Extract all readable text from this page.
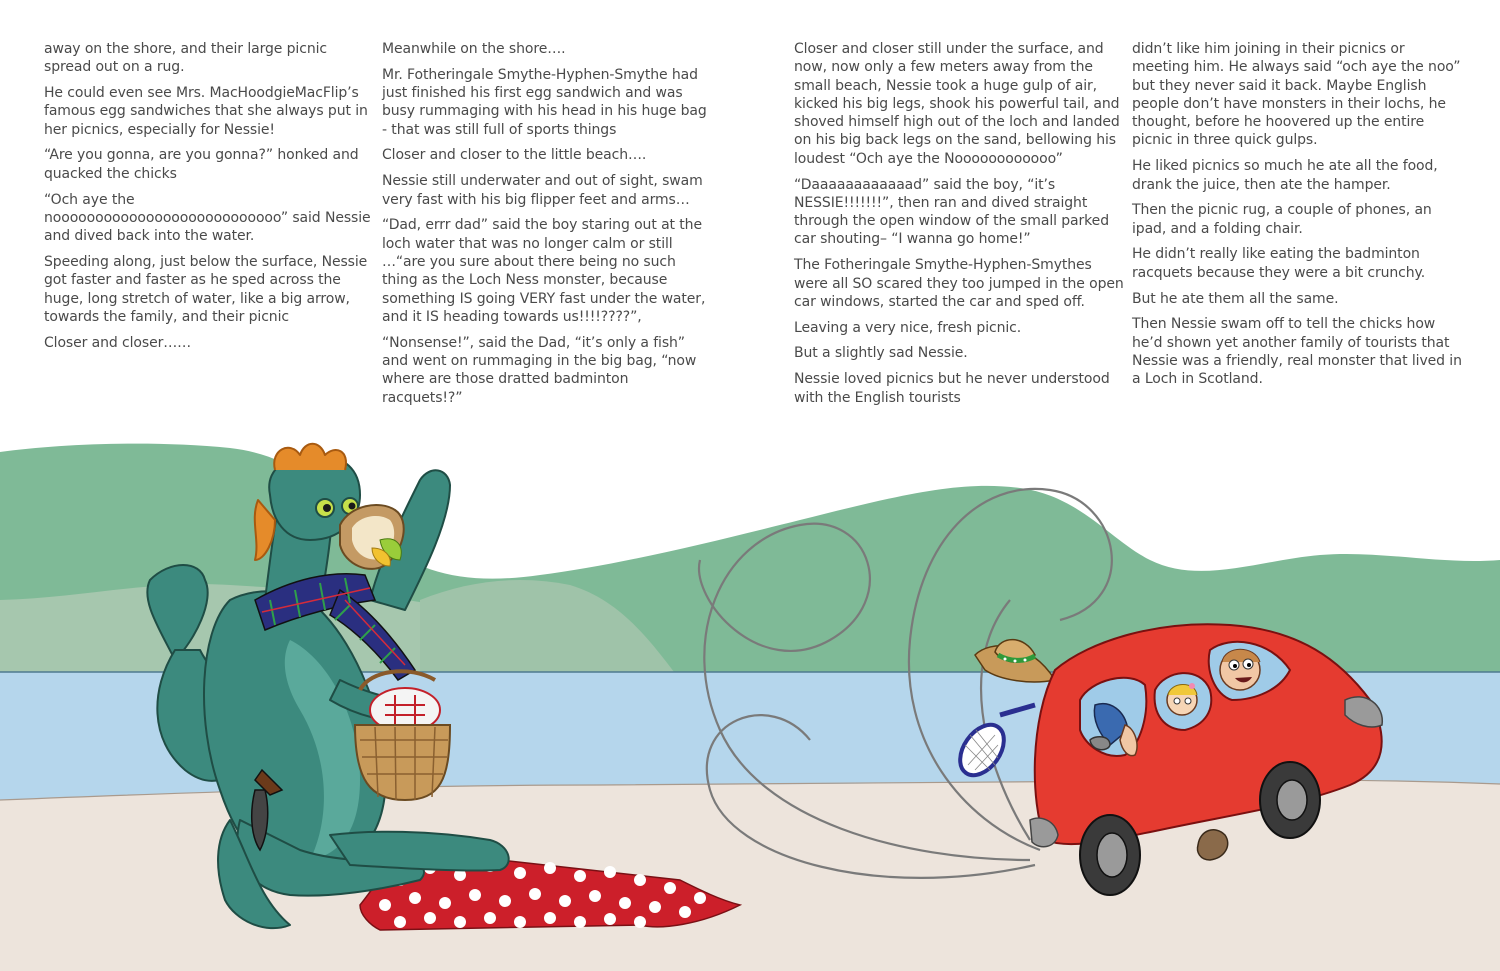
away on the shore, and their large picnic spread out on a rug.

He could even see Mrs. MacHoodgieMacFlip’s famous egg sandwiches that she always put in her picnics, especially for Nessie!

“Are you gonna, are you gonna?” honked and quacked the chicks

“Och aye the nooooooooooooooooooooooooooo” said Nessie and dived back into the water.

Speeding along, just below the surface, Nessie got faster and faster as he sped across the huge, long stretch of water, like a big arrow, towards the family, and their picnic

Closer and closer……

Meanwhile on the shore….

Mr. Fotheringale Smythe-Hyphen-Smythe had just finished his first egg sandwich and was busy rummaging with his head in his huge bag - that was still full of sports things

Closer and closer to the little beach….

Nessie still underwater and out of sight, swam very fast with his big flipper feet and arms…

“Dad, errr dad” said the boy staring out at the loch water that was no longer calm or still …“are you sure about there being no such thing as the Loch Ness monster, because something IS going VERY fast under the water, and it IS heading towards us!!!!????”,

“Nonsense!”, said the Dad, “it’s only a fish” and went on rummaging in the big bag, “now where are those dratted badminton racquets!?”

Closer and closer still under the surface, and now, now only a few meters away from the small beach, Nessie took a huge gulp of air, kicked his big legs, shook his powerful tail, and shoved himself high out of the loch and landed on his big back legs on the sand, bellowing his loudest “Och aye the Noooooooooooo”

“Daaaaaaaaaaaad” said the boy, “it’s NESSIE!!!!!!!”, then ran and dived straight through the open window of the small parked car shouting– “I wanna go home!”

The Fotheringale Smythe-Hyphen-Smythes were all SO scared they too jumped in the open car windows, started the car and sped off.

Leaving a very nice, fresh picnic.

But a slightly sad Nessie.

Nessie loved picnics but he never understood with the English tourists

didn’t like him joining in their picnics or meeting him. He always said “och aye the noo” but they never said it back. Maybe English people don’t have monsters in their lochs, he thought, before he hoovered up the entire picnic in three quick gulps.

He liked picnics so much he ate all the food, drank the juice, then ate the hamper.

Then the picnic rug, a couple of phones, an ipad, and a folding chair.

He didn’t really like eating the badminton racquets because they were a bit crunchy.

But he ate them all the same.

Then Nessie swam off to tell the chicks how he’d shown yet another family of tourists that Nessie was a friendly, real monster that lived in a Loch in Scotland.
